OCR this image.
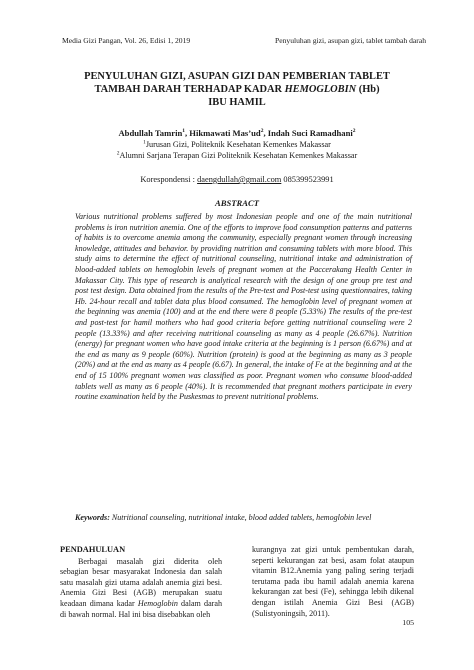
Media Gizi Pangan, Vol. 26, Edisi 1, 2019	Penyuluhan gizi, asupan gizi, tablet tambah darah
PENYULUHAN GIZI, ASUPAN GIZI DAN PEMBERIAN TABLET
TAMBAH DARAH TERHADAP KADAR HEMOGLOBIN (Hb)
IBU HAMIL
Abdullah Tamrin$^1$, Hikmawati $Mas’ud^2$, Indah Suci Ramadhani$^2$
$^1$Jurusan Gizi, Politeknik Kesehatan Kemenkes Makassar
$^2$Alumni Sarjana Terapan Gizi Politeknik Kesehatan Kemenkes Makassar
Korespondensi : daengdullah@gmail.com 085399523991
ABSTRACT
Various nutritional problems suffered by most Indonesian people and one of the main nutritional problems is iron nutrition anemia. One of the efforts to improve food consumption patterns and patterns of habits is to overcome anemia among the community, especially pregnant women through increasing knowledge, attitudes and behavior. by providing nutrition and consuming tablets with more blood. This study aims to determine the effect of nutritional counseling, nutritional intake and administration of blood-added tablets on hemoglobin levels of pregnant women at the Paccerakang Health Center in Makassar City. This type of research is analytical research with the design of one group pre test and post test design. Data obtained from the results of the Pre-test and Post-test using questionnaires, taking Hb. 24-hour recall and tablet data plus blood consumed. The hemoglobin level of pregnant women at the beginning was anemia (100) and at the end there were 8 people (5.33%) The results of the pre-test and post-test for hamil mothers who had good criteria before getting nutritional counseling were 2 people (13.33%) and after receiving nutritional counseling as many as 4 people (26.67%). Nutrition (energy) for pregnant women who have good intake criteria at the beginning is 1 person (6.67%) and at the end as many as 9 people (60%). Nutrition (protein) is good at the beginning as many as 3 people (20%) and at the end as many as 4 people (6.67). In general, the intake of Fe at the beginning and at the end of 15 100% pregnant women was classified as poor. Pregnant women who consume blood-added tablets well as many as 6 people (40%). It is recommended that pregnant mothers participate in every routine examination held by the Puskesmas to prevent nutritional problems.
Keywords: Nutritional counseling, nutritional intake, blood added tablets, hemoglobin level
PENDAHULUAN

Berbagai masalah gizi diderita oleh sebagian besar masyarakat Indonesia dan salah satu masalah gizi utama adalah anemia gizi besi. Anemia Gizi Besi (AGB) merupakan suatu keadaan dimana kadar Hemoglobin dalam darah di bawah normal. Hal ini bisa disebabkan oleh

kurangnya zat gizi untuk pembentukan darah, seperti kekurangan zat besi, asam folat ataupun vitamin B12.Anemia yang paling sering terjadi terutama pada ibu hamil adalah anemia karena kekurangan zat besi (Fe), sehingga lebih dikenal dengan istilah Anemia Gizi Besi (AGB) (Sulistyoningsih, 2011).

105
